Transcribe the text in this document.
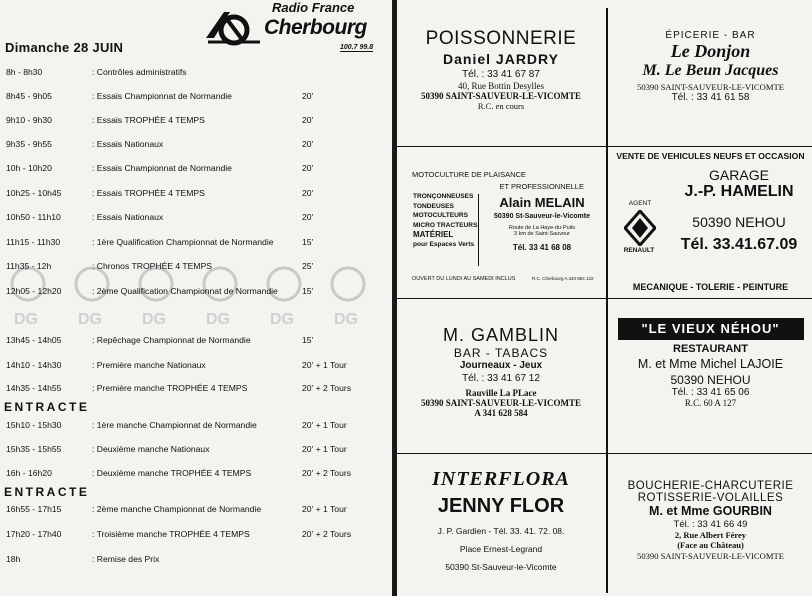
Radio France
Cherbourg
100.7 99.8
Dimanche 28 JUIN
DG	DG	DG	DG	DG	DG
8h - 8h30	: Contrôles administratifs
8h45 - 9h05	: Essais Championnat de Normandie	20'
9h10 - 9h30	: Essais TROPHÉE 4 TEMPS	20'
9h35 - 9h55	: Essais Nationaux	20'
10h - 10h20	: Essais Championnat de Normandie	20'
10h25 - 10h45	: Essais TROPHÉE 4 TEMPS	20'
10h50 - 11h10	: Essais Nationaux	20'
11h15 - 11h30	: 1ère Qualification Championnat de Normandie	15'
11h35 - 12h	: Chronos TROPHÉE 4 TEMPS	25'
12h05 - 12h20	: 2ème Qualification Championnat de Normandie	15'
13h45 - 14h05	: Repêchage Championnat de Normandie	15'
14h10 - 14h30	: Première manche Nationaux	20' + 1 Tour
14h35 - 14h55	: Première manche TROPHÉE 4 TEMPS	20' + 2 Tours
ENTRACTE
15h10 - 15h30	: 1ère manche Championnat de Normandie	20' + 1 Tour
15h35 - 15h55	: Deuxième manche Nationaux	20' + 1 Tour
16h - 16h20	: Deuxième manche TROPHÉE 4 TEMPS	20' + 2 Tours
ENTRACTE
16h55 - 17h15	: 2ème manche Championnat de Normandie	20' + 1 Tour
17h20 - 17h40	: Troisième manche TROPHÉE 4 TEMPS	20' + 2 Tours
18h	: Remise des Prix
POISSONNERIE
Daniel JARDRY
Tél. : 33 41 67 87
40, Rue Bottin Desylles
50390 SAINT-SAUVEUR-LE-VICOMTE
R.C. en cours
ÉPICERIE - BAR
Le Donjon
M. Le Beun Jacques
50390 SAINT-SAUVEUR-LE-VICOMTE
Tél. : 33 41 61 58
MOTOCULTURE DE PLAISANCE
ET PROFESSIONNELLE
TRONÇONNEUSES
TONDEUSES
MOTOCULTEURS
MICRO TRACTEURS
MATÉRIEL
pour Espaces Verts
Alain MELAIN
50390 St-Sauveur-le-Vicomte
Route de La Haye-du-Puits
3 km de Saint-Sauveur
Tél. 33 41 68 08
OUVERT DU LUNDI AU SAMEDI INCLUS	R.C. Cherbourg A 340 884 122
VENTE DE VEHICULES NEUFS ET OCCASION
AGENT
RENAULT
GARAGE
J.-P. HAMELIN
50390 NEHOU
Tél. 33.41.67.09
MECANIQUE - TOLERIE - PEINTURE
M. GAMBLIN
BAR - TABACS
Journeaux - Jeux
Tél. : 33 41 67 12
Rauville La PLace
50390 SAINT-SAUVEUR-LE-VICOMTE
A 341 628 584
"LE VIEUX NÉHOU"
RESTAURANT
M. et Mme Michel LAJOIE
50390 NEHOU
Tél. : 33 41 65 06
R.C. 60 A 127
INTERFLORA
JENNY FLOR
J. P. Gardien - Tél. 33. 41. 72. 08.
Place Ernest-Legrand
50390 St-Sauveur-le-Vicomte
BOUCHERIE-CHARCUTERIE
ROTISSERIE-VOLAILLES
M. et Mme GOURBIN
Tél. : 33 41 66 49
2, Rue Albert Férey
(Face au Château)
50390 SAINT-SAUVEUR-LE-VICOMTE
